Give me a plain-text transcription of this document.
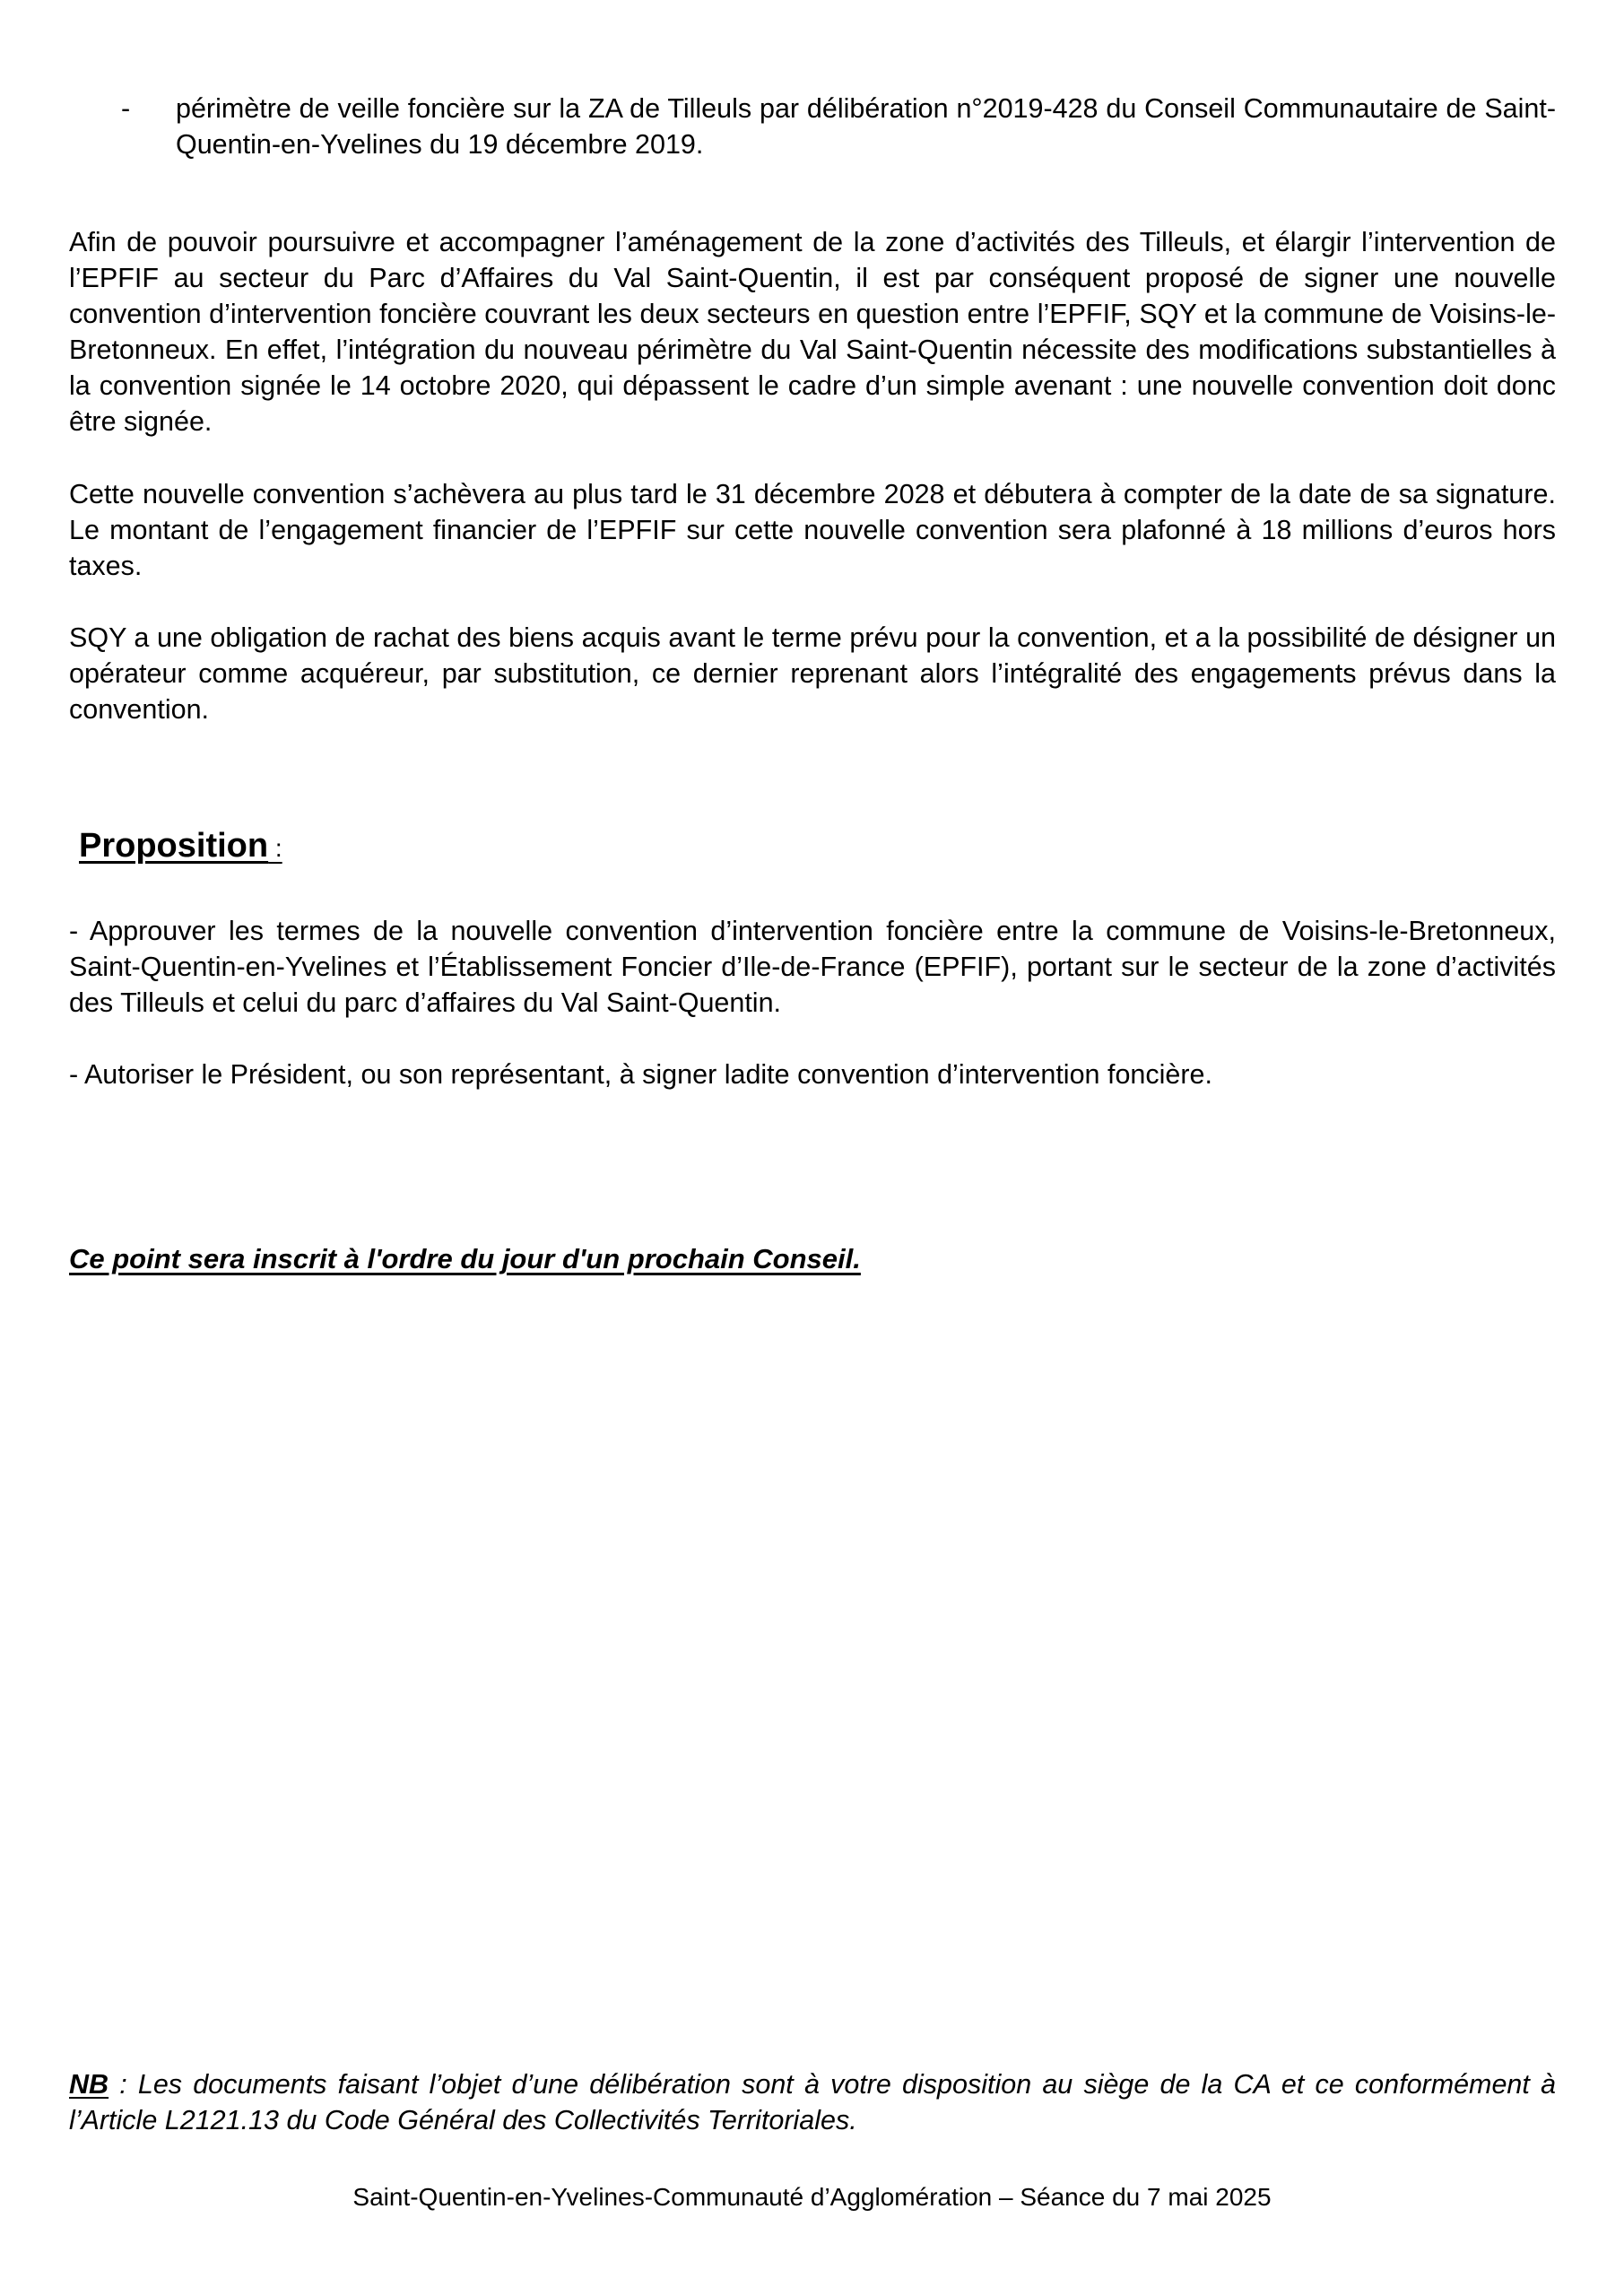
- périmètre de veille foncière sur la ZA de Tilleuls par délibération n°2019-428 du Conseil Communautaire de Saint-Quentin-en-Yvelines du 19 décembre 2019.

Afin de pouvoir poursuivre et accompagner l’aménagement de la zone d’activités des Tilleuls, et élargir l’intervention de l’EPFIF au secteur du Parc d’Affaires du Val Saint-Quentin, il est par conséquent proposé de signer une nouvelle convention d’intervention foncière couvrant les deux secteurs en question entre l’EPFIF, SQY et la commune de Voisins-le-Bretonneux. En effet, l’intégration du nouveau périmètre du Val Saint-Quentin nécessite des modifications substantielles à la convention signée le 14 octobre 2020, qui dépassent le cadre d’un simple avenant : une nouvelle convention doit donc être signée.

Cette nouvelle convention s’achèvera au plus tard le 31 décembre 2028 et débutera à compter de la date de sa signature. Le montant de l’engagement financier de l’EPFIF sur cette nouvelle convention sera plafonné à 18 millions d’euros hors taxes.

SQY a une obligation de rachat des biens acquis avant le terme prévu pour la convention, et a la possibilité de désigner un opérateur comme acquéreur, par substitution, ce dernier reprenant alors l’intégralité des engagements prévus dans la convention.

Proposition :

- Approuver les termes de la nouvelle convention d’intervention foncière entre la commune de Voisins-le-Bretonneux, Saint-Quentin-en-Yvelines et l’Établissement Foncier d’Ile-de-France (EPFIF), portant sur le secteur de la zone d’activités des Tilleuls et celui du parc d’affaires du Val Saint-Quentin.

- Autoriser le Président, ou son représentant, à signer ladite convention d’intervention foncière.

Ce point sera inscrit à l'ordre du jour d'un prochain Conseil.

NB : Les documents faisant l’objet d’une délibération sont à votre disposition au siège de la CA et ce conformément à l’Article L2121.13 du Code Général des Collectivités Territoriales.

Saint-Quentin-en-Yvelines-Communauté d’Agglomération – Séance du 7 mai 2025
